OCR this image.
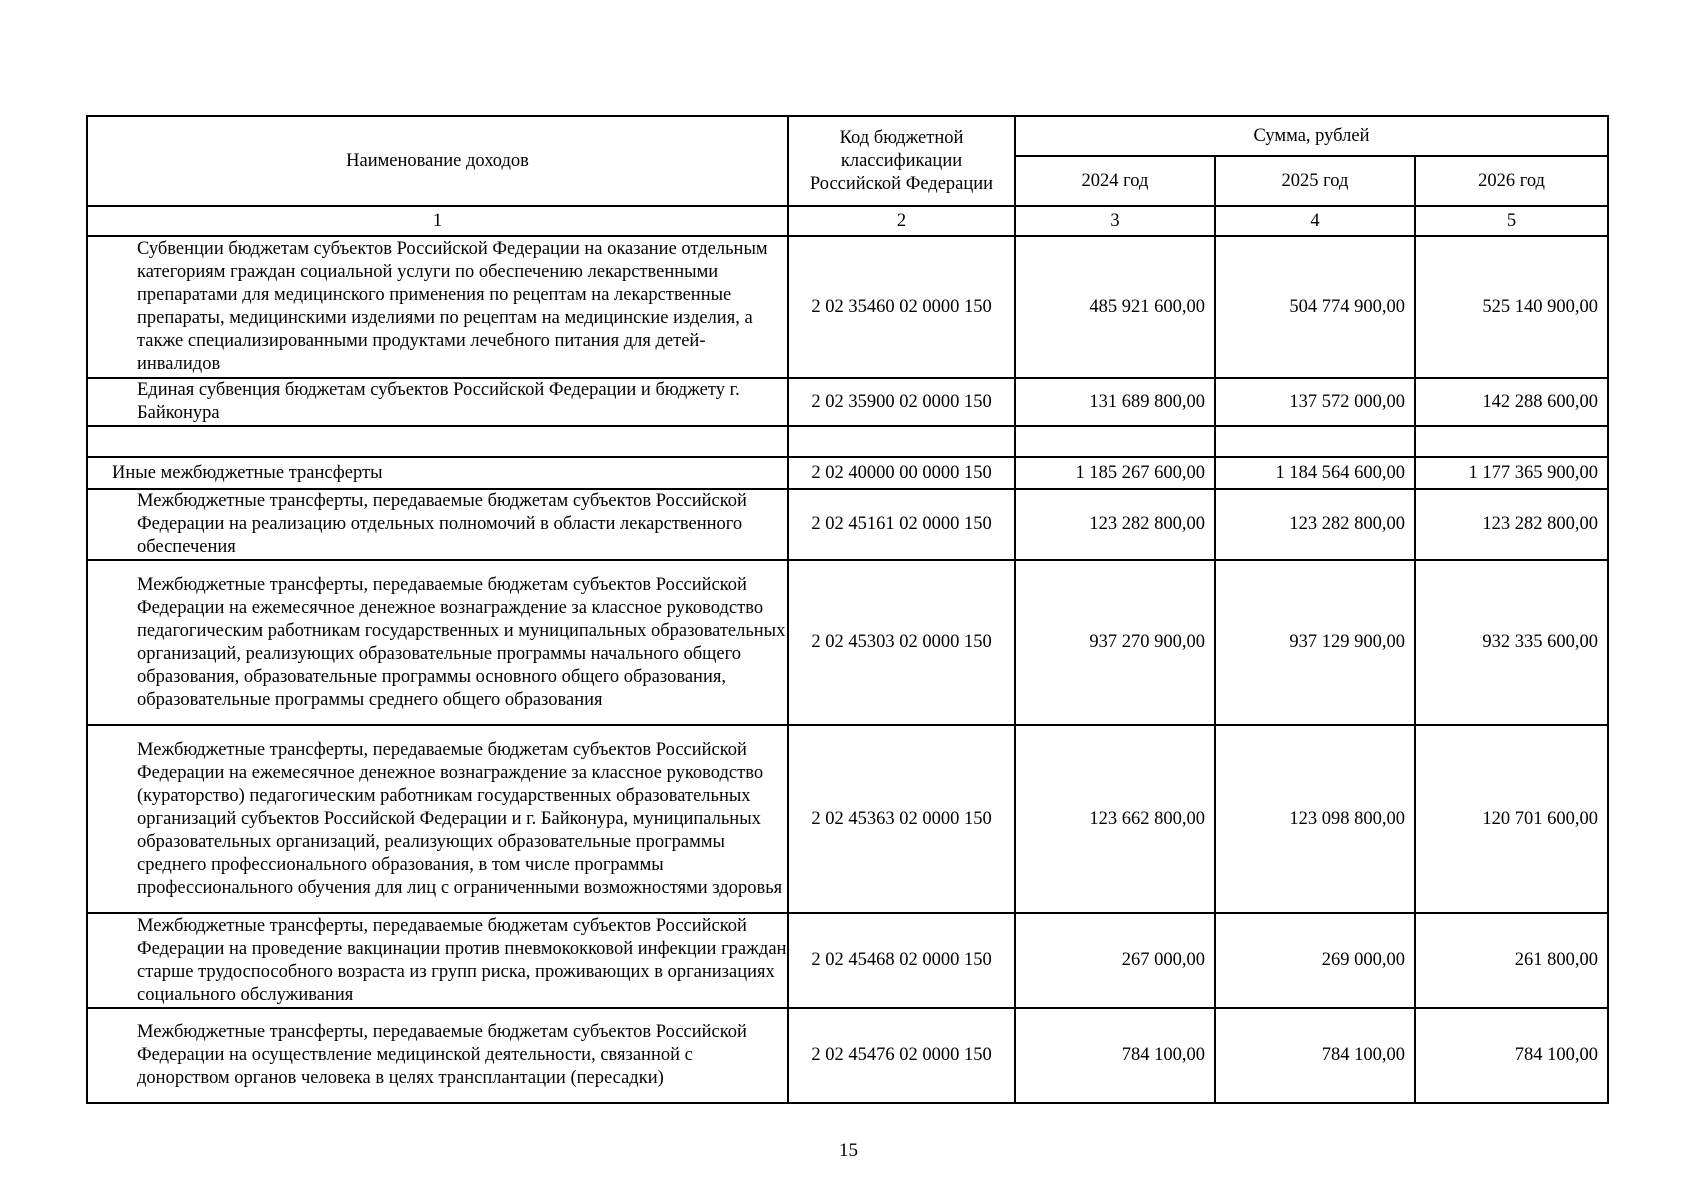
Наименование доходов	Код бюджетной классификации Российской Федерации	Сумма, рублей		
		2024 год	2025 год	2026 год
1	2	3	4	5
Субвенции бюджетам субъектов Российской Федерации на оказание отдельным категориям граждан социальной услуги по обеспечению лекарственными препаратами для медицинского применения по рецептам на лекарственные препараты, медицинскими изделиями по рецептам на медицинские изделия, а также специализированными продуктами лечебного питания для детей-инвалидов	2 02 35460 02 0000 150	485 921 600,00	504 774 900,00	525 140 900,00
Единая субвенция бюджетам субъектов Российской Федерации и бюджету г. Байконура	2 02 35900 02 0000 150	131 689 800,00	137 572 000,00	142 288 600,00

Иные межбюджетные трансферты	2 02 40000 00 0000 150	1 185 267 600,00	1 184 564 600,00	1 177 365 900,00
Межбюджетные трансферты, передаваемые бюджетам субъектов Российской Федерации на реализацию отдельных полномочий в области лекарственного обеспечения	2 02 45161 02 0000 150	123 282 800,00	123 282 800,00	123 282 800,00
Межбюджетные трансферты, передаваемые бюджетам субъектов Российской Федерации на ежемесячное денежное вознаграждение за классное руководство педагогическим работникам государственных и муниципальных образовательных организаций, реализующих образовательные программы начального общего образования, образовательные программы основного общего образования, образовательные программы среднего общего образования	2 02 45303 02 0000 150	937 270 900,00	937 129 900,00	932 335 600,00
Межбюджетные трансферты, передаваемые бюджетам субъектов Российской Федерации на ежемесячное денежное вознаграждение за классное руководство (кураторство) педагогическим работникам государственных образовательных организаций субъектов Российской Федерации и г. Байконура, муниципальных образовательных организаций, реализующих образовательные программы среднего профессионального образования, в том числе программы профессионального обучения для лиц с ограниченными возможностями здоровья	2 02 45363 02 0000 150	123 662 800,00	123 098 800,00	120 701 600,00
Межбюджетные трансферты, передаваемые бюджетам субъектов Российской Федерации на проведение вакцинации против пневмококковой инфекции граждан старше трудоспособного возраста из групп риска, проживающих в организациях социального обслуживания	2 02 45468 02 0000 150	267 000,00	269 000,00	261 800,00
Межбюджетные трансферты, передаваемые бюджетам субъектов Российской Федерации на осуществление медицинской деятельности, связанной с донорством органов человека в целях трансплантации (пересадки)	2 02 45476 02 0000 150	784 100,00	784 100,00	784 100,00
15
